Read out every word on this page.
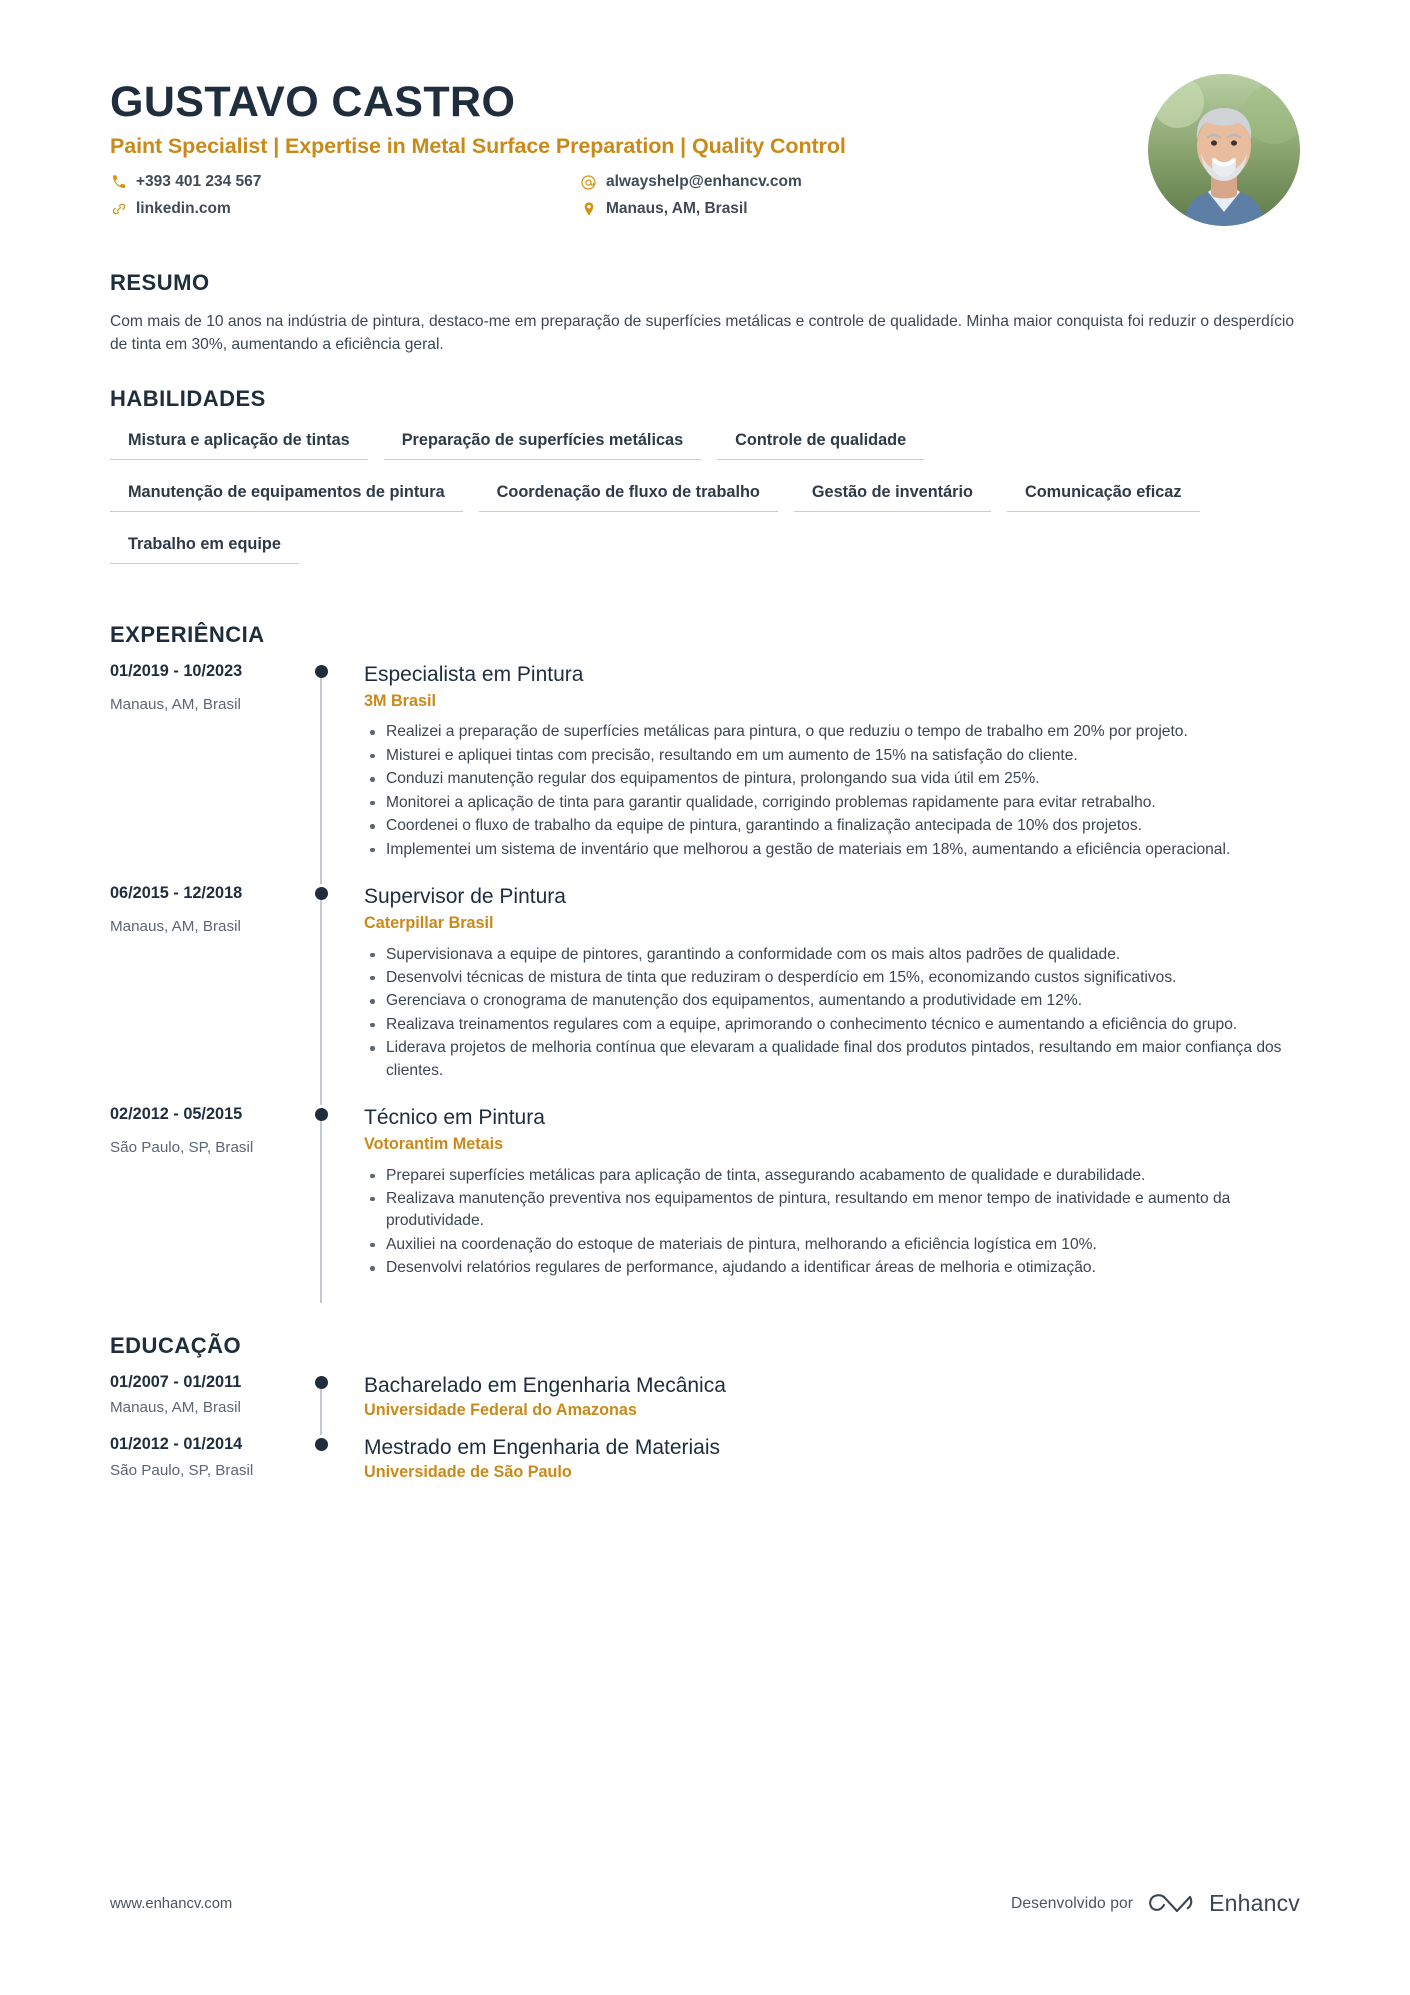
GUSTAVO CASTRO
Paint Specialist | Expertise in Metal Surface Preparation | Quality Control
+393 401 234 567	alwayshelp@enhancv.com
linkedin.com	Manaus, AM, Brasil
RESUMO

Com mais de 10 anos na indústria de pintura, destaco-me em preparação de superfícies metálicas e controle de qualidade. Minha maior conquista foi reduzir o desperdício de tinta em 30%, aumentando a eficiência geral.

HABILIDADES
Mistura e aplicação de tintas	Preparação de superfícies metálicas	Controle de qualidade
Manutenção de equipamentos de pintura	Coordenação de fluxo de trabalho	Gestão de inventário	Comunicação eficaz
Trabalho em equipe
EXPERIÊNCIA
01/2019 - 10/2023
Manaus, AM, Brasil
Especialista em Pintura
3M Brasil
Realizei a preparação de superfícies metálicas para pintura, o que reduziu o tempo de trabalho em 20% por projeto.
Misturei e apliquei tintas com precisão, resultando em um aumento de 15% na satisfação do cliente.
Conduzi manutenção regular dos equipamentos de pintura, prolongando sua vida útil em 25%.
Monitorei a aplicação de tinta para garantir qualidade, corrigindo problemas rapidamente para evitar retrabalho.
Coordenei o fluxo de trabalho da equipe de pintura, garantindo a finalização antecipada de 10% dos projetos.
Implementei um sistema de inventário que melhorou a gestão de materiais em 18%, aumentando a eficiência operacional.
06/2015 - 12/2018
Manaus, AM, Brasil
Supervisor de Pintura
Caterpillar Brasil
Supervisionava a equipe de pintores, garantindo a conformidade com os mais altos padrões de qualidade.
Desenvolvi técnicas de mistura de tinta que reduziram o desperdício em 15%, economizando custos significativos.
Gerenciava o cronograma de manutenção dos equipamentos, aumentando a produtividade em 12%.
Realizava treinamentos regulares com a equipe, aprimorando o conhecimento técnico e aumentando a eficiência do grupo.
Liderava projetos de melhoria contínua que elevaram a qualidade final dos produtos pintados, resultando em maior confiança dos clientes.
02/2012 - 05/2015
São Paulo, SP, Brasil
Técnico em Pintura
Votorantim Metais
Preparei superfícies metálicas para aplicação de tinta, assegurando acabamento de qualidade e durabilidade.
Realizava manutenção preventiva nos equipamentos de pintura, resultando em menor tempo de inatividade e aumento da produtividade.
Auxiliei na coordenação do estoque de materiais de pintura, melhorando a eficiência logística em 10%.
Desenvolvi relatórios regulares de performance, ajudando a identificar áreas de melhoria e otimização.
EDUCAÇÃO
01/2007 - 01/2011
Manaus, AM, Brasil
Bacharelado em Engenharia Mecânica
Universidade Federal do Amazonas
01/2012 - 01/2014
São Paulo, SP, Brasil
Mestrado em Engenharia de Materiais
Universidade de São Paulo
www.enhancv.com	Desenvolvido por	Enhancv
